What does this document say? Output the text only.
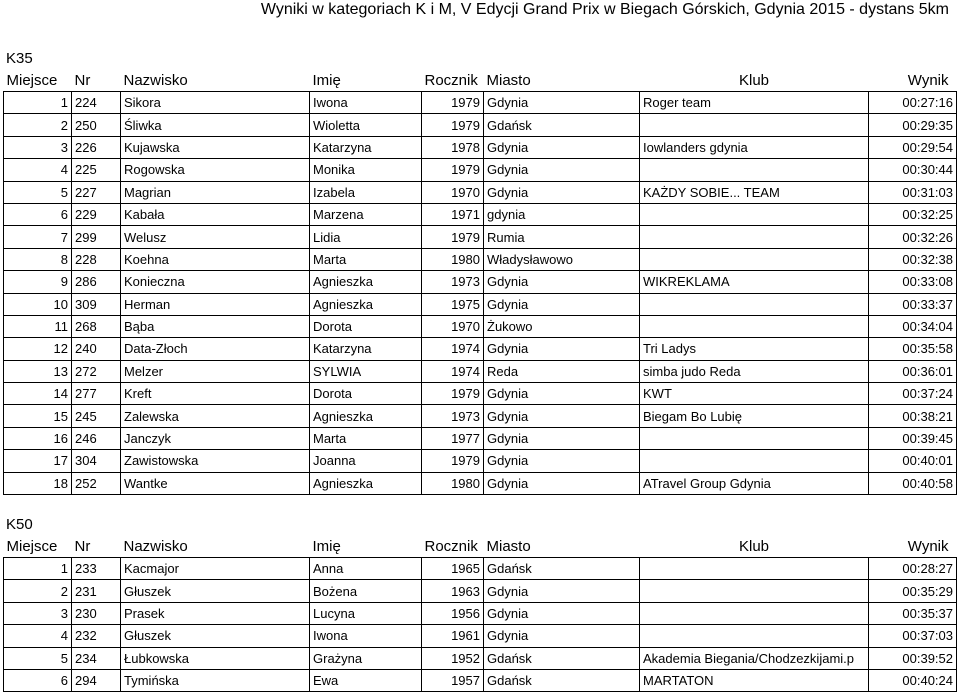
Wyniki w kategoriach K i M, V Edycji Grand Prix w Biegach Górskich, Gdynia 2015 - dystans 5km
K35
Miejsce	Nr	Nazwisko	Imię	Rocznik	Miasto	Klub	Wynik
1	224	Sikora	Iwona	1979	Gdynia	Roger team	00:27:16
2	250	Śliwka	Wioletta	1979	Gdańsk		00:29:35
3	226	Kujawska	Katarzyna	1978	Gdynia	Iowlanders gdynia	00:29:54
4	225	Rogowska	Monika	1979	Gdynia		00:30:44
5	227	Magrian	Izabela	1970	Gdynia	KAŻDY SOBIE... TEAM	00:31:03
6	229	Kabała	Marzena	1971	gdynia		00:32:25
7	299	Welusz	Lidia	1979	Rumia		00:32:26
8	228	Koehna	Marta	1980	Władysławowo		00:32:38
9	286	Konieczna	Agnieszka	1973	Gdynia	WIKREKLAMA	00:33:08
10	309	Herman	Agnieszka	1975	Gdynia		00:33:37
11	268	Bąba	Dorota	1970	Żukowo		00:34:04
12	240	Data-Złoch	Katarzyna	1974	Gdynia	Tri Ladys	00:35:58
13	272	Melzer	SYLWIA	1974	Reda	simba judo Reda	00:36:01
14	277	Kreft	Dorota	1979	Gdynia	KWT	00:37:24
15	245	Zalewska	Agnieszka	1973	Gdynia	Biegam Bo Lubię	00:38:21
16	246	Janczyk	Marta	1977	Gdynia		00:39:45
17	304	Zawistowska	Joanna	1979	Gdynia		00:40:01
18	252	Wantke	Agnieszka	1980	Gdynia	ATravel Group Gdynia	00:40:58
K50
Miejsce	Nr	Nazwisko	Imię	Rocznik	Miasto	Klub	Wynik
1	233	Kacmajor	Anna	1965	Gdańsk		00:28:27
2	231	Głuszek	Bożena	1963	Gdynia		00:35:29
3	230	Prasek	Lucyna	1956	Gdynia		00:35:37
4	232	Głuszek	Iwona	1961	Gdynia		00:37:03
5	234	Łubkowska	Grażyna	1952	Gdańsk	Akademia Biegania/Chodzezkijami.p	00:39:52
6	294	Tymińska	Ewa	1957	Gdańsk	MARTATON	00:40:24
